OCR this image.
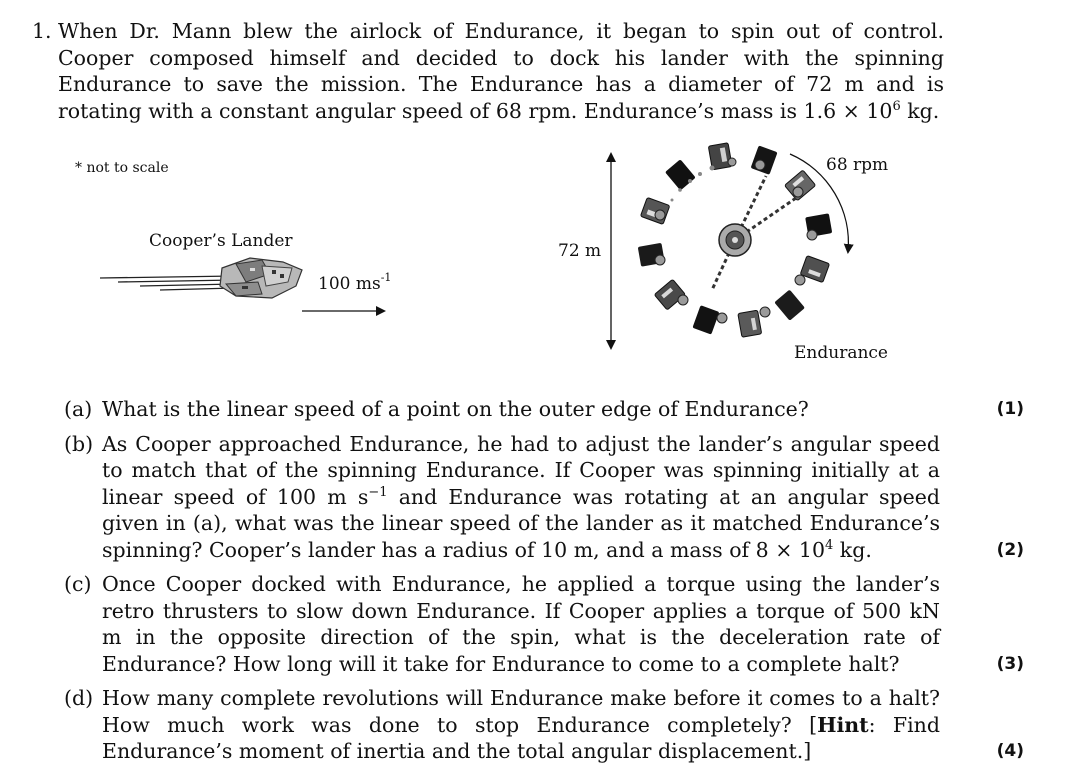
1. When Dr. Mann blew the airlock of Endurance, it began to spin out of control. Cooper composed himself and decided to dock his lander with the spinning Endurance to save the mission. The Endurance has a diameter of 72 m and is rotating with a constant angular speed of 68 rpm. Endurance’s mass is $1.6 \times 10^6$ kg.
* not to scale
Cooper’s Lander
100 $ms^{-1}$
72 m
68 rpm
Endurance
(a) What is the linear speed of a point on the outer edge of Endurance?	(1)
(b) As Cooper approached Endurance, he had to adjust the lander’s angular speed to match that of the spinning Endurance. If Cooper was spinning initially at a linear speed of 100 m $s^{-1}$ and Endurance was rotating at an angular speed given in (a), what was the linear speed of the lander as it matched Endurance’s spinning? Cooper’s lander has a radius of 10 m, and a mass of $8 \times 10^4$ kg.	(2)
(c) Once Cooper docked with Endurance, he applied a torque using the lander’s retro thrusters to slow down Endurance. If Cooper applies a torque of 500 kN m in the opposite direction of the spin, what is the deceleration rate of Endurance? How long will it take for Endurance to come to a complete halt?	(3)
(d) How many complete revolutions will Endurance make before it comes to a halt? How much work was done to stop Endurance completely? [Hint: Find Endurance’s moment of inertia and the total angular displacement.]	(4)
